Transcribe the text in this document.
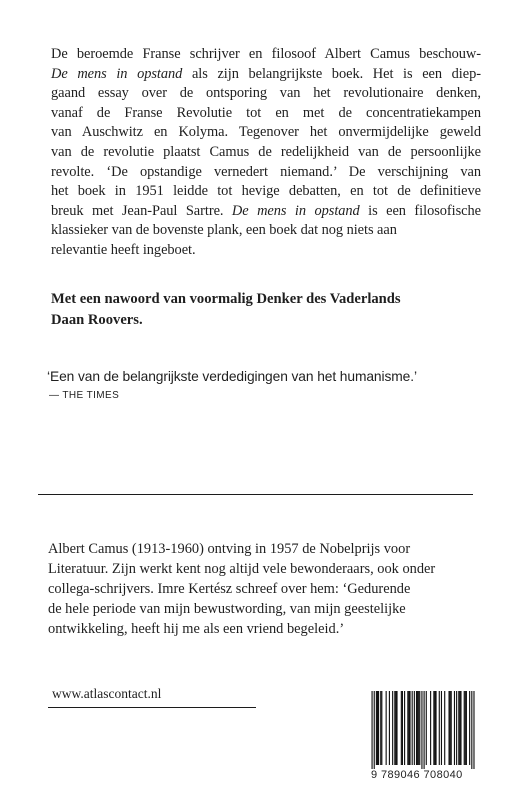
De beroemde Franse schrijver en filosoof Albert Camus beschouw-
De mens in opstand als zijn belangrijkste boek. Het is een diep-
gaand essay over de ontsporing van het revolutionaire denken,
vanaf de Franse Revolutie tot en met de concentratiekampen
van Auschwitz en Kolyma. Tegenover het onvermijdelijke geweld
van de revolutie plaatst Camus de redelijkheid van de persoonlijke
revolte. ‘De opstandige vernedert niemand.’ De verschijning van
het boek in 1951 leidde tot hevige debatten, en tot de definitieve
breuk met Jean-Paul Sartre. De mens in opstand is een filosofische
klassieker van de bovenste plank, een boek dat nog niets aan
relevantie heeft ingeboet.
Met een nawoord van voormalig Denker des Vaderlands
Daan Roovers.
‘Een van de belangrijkste verdedigingen van het humanisme.’
— THE TIMES
Albert Camus (1913-1960) ontving in 1957 de Nobelprijs voor
Literatuur. Zijn werkt kent nog altijd vele bewonderaars, ook onder
collega-schrijvers. Imre Kertész schreef over hem: ‘Gedurende
de hele periode van mijn bewustwording, van mijn geestelijke
ontwikkeling, heeft hij me als een vriend begeleid.’
www.atlascontact.nl
9 789046 708040
